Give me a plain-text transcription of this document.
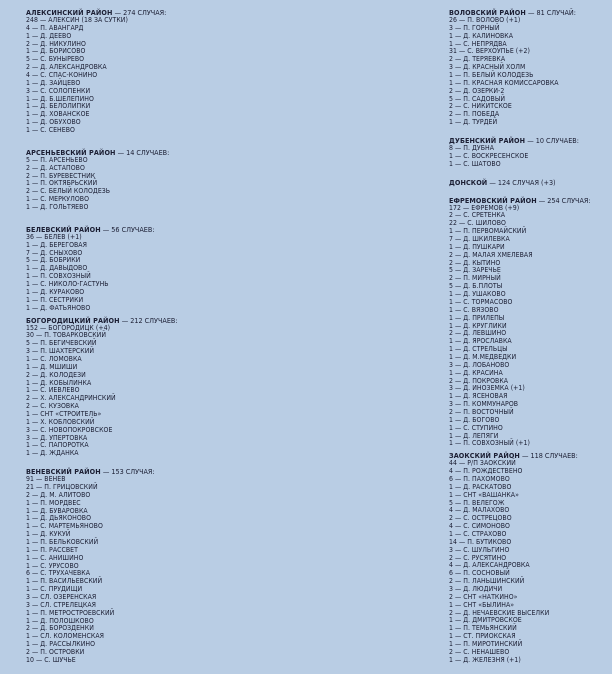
АЛЕКСИНСКИЙ РАЙОН — 274 СЛУЧАЯ:
248 — АЛЕКСИН (18 ЗА СУТКИ)
4 — П. АВАНГАРД
1 — Д. ДЕЕВО
2 — Д. НИКУЛИНО
1 — Д. БОРИСОВО
5 — С. БУНЫРЕВО
2 — Д. АЛЕКСАНДРОВКА
4 — С. СПАС-КОНИНО
1 — Д. ЗАЙЦЕВО
3 — С. СОЛОПЕНКИ
1 — Д. Б.ШЕЛЕПИНО
1 — Д. БЕЛОЛИПКИ
1 — Д. ХОВАНСКОЕ
1 — Д. ОБУХОВО
1 — С. СЕНЕВО
АРСЕНЬЕВСКИЙ РАЙОН — 14 СЛУЧАЕВ:
5 — П. АРСЕНЬЕВО
2 — Д. АСТАПОВО
2 — П. БУРЕВЕСТНИК
1 — П. ОКТЯБРЬСКИЙ
2 — С. БЕЛЫЙ КОЛОДЕЗЬ
1 — С. МЕРКУЛОВО
1 — Д. ГОЛЬТЯЕВО
БЕЛЕВСКИЙ РАЙОН — 56 СЛУЧАЕВ:
36 — БЕЛЕВ (+1)
1 — Д. БЕРЕГОВАЯ
7 — Д. СНЫХОВО
5 — Д. БОБРИКИ
1 — Д. ДАВЫДОВО
1 — П. СОВХОЗНЫЙ
1 — С. НИКОЛО-ГАСТУНЬ
1 — Д. КУРАКОВО
1 — П. СЕСТРИКИ
1 — Д. ФАТЬЯНОВО
БОГОРОДИЦКИЙ РАЙОН — 212 СЛУЧАЕВ:
152 — БОГОРОДИЦК (+4)
30 — П. ТОВАРКОВСКИЙ
5 — П. БЕГИЧЕВСКИЙ
3 — П. ШАХТЕРСКИЙ
1 — С. ЛОМОВКА
1 — Д. МШИШИ
2 — Д. КОЛОДЕЗИ
1 — Д. КОБЫЛИНКА
1 — С. ИЕВЛЕВО
2 — Х. АЛЕКСАНДРИНСКИЙ
2 — С. КУЗОВКА
1 — СНТ «СТРОИТЕЛЬ»
1 — Х. КОБЛОВСКИЙ
3 — С. НОВОПОКРОВСКОЕ
3 — Д. УПЕРТОВКА
1 — С. ПАПОРОТКА
1 — Д. ЖДАНКА
ВЕНЕВСКИЙ РАЙОН — 153 СЛУЧАЯ:
91 — ВЕНЕВ
21 — П. ГРИЦОВСКИЙ
2 — Д. М. АЛИТОВО
1 — П. МОРДВЕС
1 — Д. БУВАРОВКА
1 — Д. ДЬЯКОНОВО
1 — С. МАРТЕМЬЯНОВО
1 — Д. КУКУЙ
1 — П. БЕЛЬКОВСКИЙ
1 — П. РАССВЕТ
1 — С. АНИШИНО
1 — С. УРУСОВО
6 — С. ТРУХАЧЕВКА
1 — П. ВАСИЛЬЕВСКИЙ
1 — С. ПРУДИЩИ
3 — СЛ. ОЗЕРЕНСКАЯ
3 — СЛ. СТРЕЛЕЦКАЯ
1 — П. МЕТРОСТРОЕВСКИЙ
1 — Д. ПОЛОШКОВО
2 — Д. БОРОЗДЕНКИ
1 — СЛ. КОЛОМЕНСКАЯ
1 — Д. РАССЫЛКИНО
2 — П. ОСТРОВКИ
10 — С. ШУЧЬЕ
ВОЛОВСКИЙ РАЙОН — 81 СЛУЧАЙ:
26 — П. ВОЛОВО (+1)
3 — П. ГОРНЫЙ
1 — Д. КАЛИНОВКА
1 — С. НЕПРЯДВА
31 — С. ВЕРХОУПЬЕ (+2)
2 — Д. ТЕРЯЕВКА
3 — Д. КРАСНЫЙ ХОЛМ
1 — П. БЕЛЫЙ КОЛОДЕЗЬ
1 — П. КРАСНАЯ КОМИССАРОВКА
2 — Д. ОЗЕРКИ-2
5 — П. САДОВЫЙ
2 — С. НИКИТСКОЕ
2 — П. ПОБЕДА
1 — Д. ТУРДЕЙ
ДУБЕНСКИЙ РАЙОН — 10 СЛУЧАЕВ:
8 — П. ДУБНА
1 — С. ВОСКРЕСЕНСКОЕ
1 — С. ШАТОВО
ДОНСКОЙ — 124 СЛУЧАЯ (+3)
ЕФРЕМОВСКИЙ РАЙОН — 254 СЛУЧАЯ:
172 — ЕФРЕМОВ (+9)
2 — С. СРЕТЕНКА
22 — С. ШИЛОВО
1 — П. ПЕРВОМАЙСКИЙ
7 — Д. ШКИЛЕВКА
1 — Д. ПУШКАРИ
2 — Д. МАЛАЯ ХМЕЛЕВАЯ
2 — Д. КЫТИНО
5 — Д. ЗАРЕЧЬЕ
2 — П. МИРНЫЙ
5 — Д. Б.ПЛОТЫ
1 — Д. УШАКОВО
1 — С. ТОРМАСОВО
1 — С. ВЯЗОВО
1 — Д. ПРИЛЕПЫ
1 — Д. КРУГЛИКИ
2 — Д. ЛЕВШИНО
1 — Д. ЯРОСЛАВКА
1 — Д. СТРЕЛЬЦЫ
1 — Д. М.МЕДВЕДКИ
3 — Д. ЛОБАНОВО
1 — Д. КРАСИНА
2 — Д. ПОКРОВКА
3 — Д. ИНОЗЕМКА (+1)
1 — Д. ЯСЕНОВАЯ
3 — П. КОММУНАРОВ
2 — П. ВОСТОЧНЫЙ
1 — Д. БОГОВО
1 — С. СТУПИНО
1 — Д. ЛЕПЯГИ
1 — П. СОВХОЗНЫЙ (+1)
ЗАОКСКИЙ РАЙОН — 118 СЛУЧАЕВ:
44 — Р/П ЗАОКСКИЙ
4 — П. РОЖДЕСТВЕНО
6 — П. ПАХОМОВО
1 — Д. РАСКАТОВО
1 — СНТ «ВАШАНКА»
5 — П. ВЕЛЕГОЖ
4 — Д. МАЛАХОВО
2 — С. ОСТРЕЦОВО
4 — С. СИМОНОВО
1 — С. СТРАХОВО
14 — П. БУТИКОВО
3 — С. ШУЛЬГИНО
2 — С. РУСЯТИНО
4 — Д. АЛЕКСАНДРОВКА
6 — П. СОСНОВЫЙ
2 — П. ЛАНЬШИНСКИЙ
3 — Д. ЛЮДИЧИ
2 — СНТ «НАТКИНО»
1 — СНТ «БЫЛИНА»
2 — Д. НЕЧАЕВСКИЕ ВЫСЕЛКИ
1 — Д. ДМИТРОВСКОЕ
1 — П. ТЕМЬЯНСКИЙ
1 — СТ. ПРИОКСКАЯ
1 — П. МИРОТИНСКИЙ
2 — С. НЕНАШЕВО
1 — Д. ЖЕЛЕЗНЯ (+1)
